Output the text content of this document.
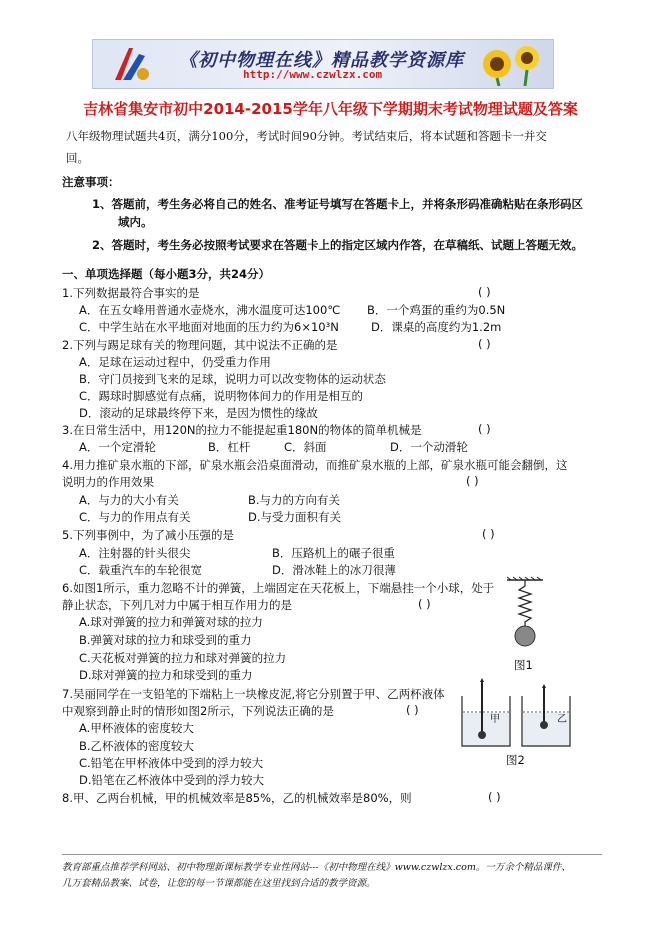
《初中物理在线》精品教学资源库
http://www.czwlzx.com
吉林省集安市初中2014-2015学年八年级下学期期末考试物理试题及答案
八年级物理试题共4页，满分100分，考试时间90分钟。考试结束后，将本试题和答题卡一并交
回。
注意事项：
1、答题前，考生务必将自己的姓名、准考证号填写在答题卡上，并将条形码准确粘贴在条形码区
域内。
2、答题时，考生务必按照考试要求在答题卡上的指定区域内作答，在草稿纸、试题上答题无效。
一、单项选择题（每小题3分，共24分）
1.下列数据最符合事实的是	( )
A．在五女峰用普通水壶烧水，沸水温度可达100℃ B．一个鸡蛋的重约为0.5N
C．中学生站在水平地面对地面的压力约为6×10³N	D．课桌的高度约为1.2m
2.下列与踢足球有关的物理问题，其中说法不正确的是	( )
A．足球在运动过程中，仍受重力作用
B．守门员接到飞来的足球，说明力可以改变物体的运动状态
C．踢球时脚感觉有点痛，说明物体间力的作用是相互的
D．滚动的足球最终停下来，是因为惯性的缘故
3.在日常生活中，用120N的拉力不能提起重180N的物体的简单机械是	( )
A．一个定滑轮	B．杠杆	C．斜面	D．一个动滑轮
4.用力推矿泉水瓶的下部，矿泉水瓶会沿桌面滑动，而推矿泉水瓶的上部，矿泉水瓶可能会翻倒，这
说明力的作用效果	( )
A．与力的大小有关	B.与力的方向有关
C．与力的作用点有关	D.与受力面积有关
5.下列事例中，为了减小压强的是	( )
A．注射器的针头很尖	B．压路机上的碾子很重
C．载重汽车的车轮很宽	D．滑冰鞋上的冰刀很薄
6.如图1所示，重力忽略不计的弹簧，上端固定在天花板上，下端悬挂一个小球，处于
静止状态，下列几对力中属于相互作用力的是	( )
A.球对弹簧的拉力和弹簧对球的拉力
B.弹簧对球的拉力和球受到的重力
C.天花板对弹簧的拉力和球对弹簧的拉力
D.球对弹簧的拉力和球受到的重力
图1
7.吴丽同学在一支铅笔的下端粘上一块橡皮泥,将它分别置于甲、乙两杯液体
中观察到静止时的情形如图2所示，下列说法正确的是	( )
A.甲杯液体的密度较大
B.乙杯液体的密度较大
C.铅笔在甲杯液体中受到的浮力较大
D.铅笔在乙杯液体中受到的浮力较大
甲	乙
图2
8.甲、乙两台机械，甲的机械效率是85%，乙的机械效率是80%，则	( )
教育部重点推荐学科网站、初中物理新课标教学专业性网站---《初中物理在线》www.czwlzx.com。一万余个精品课件、
几万套精品教案、试卷，让您的每一节课都能在这里找到合适的教学资源。
